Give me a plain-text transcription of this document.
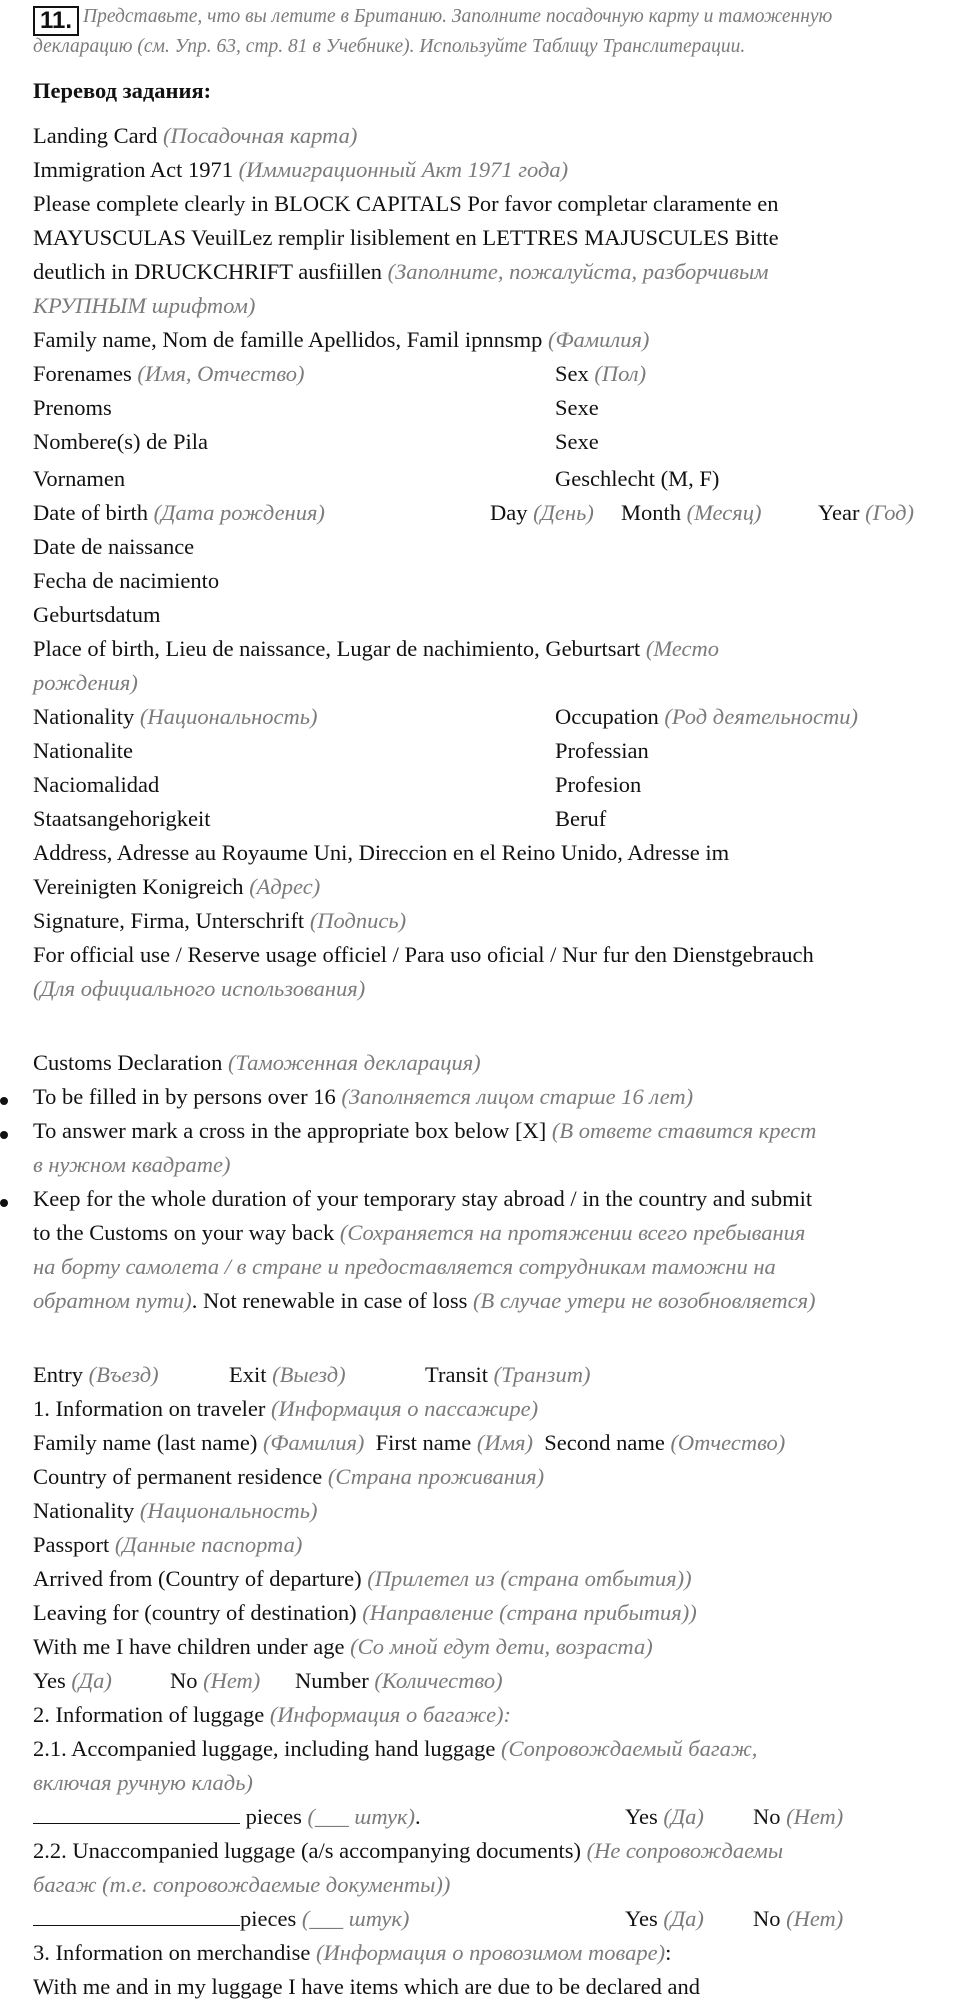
11. Представьте, что вы летите в Британию. Заполните посадочную карту и таможенную
декларацию (см. Упр. 63, стр. 81 в Учебнике). Используйте Таблицу Транслитерации.
Перевод задания:
Landing Card (Посадочная карта)
Immigration Act 1971 (Иммиграционный Акт 1971 года)
Please complete clearly in BLOCK CAPITALS Por favor completar claramente en
MAYUSCULAS VeuilLez remplir lisiblement en LETTRES MAJUSCULES Bitte
deutlich in DRUCKCHRIFT ausfiillen (Заполните, пожалуйста, разборчивым
КРУПНЫМ шрифтом)
Family name, Nom de famille Apellidos, Famil ipnnsmp (Фамилия)
Forenames (Имя, Отчество)	Sex (Пол)
Prenoms	Sexe
Nombere(s) de Pila	Sexe
Vornamen	Geschlecht (M, F)
Date of birth (Дата рождения)	Day (День) Month (Месяц)	Year (Год)
Date de naissance
Fecha de nacimiento
Geburtsdatum
Place of birth, Lieu de naissance, Lugar de nachimiento, Geburtsart (Место
рождения)
Nationality (Национальность)	Occupation (Род деятельности)
Nationalite	Professian
Naciomalidad	Profesion
Staatsangehorigkeit	Beruf
Address, Adresse au Royaume Uni, Direccion en el Reino Unido, Adresse im
Vereinigten Konigreich (Адрес)
Signature, Firma, Unterschrift (Подпись)
For official use / Reserve usage officiel / Para uso oficial / Nur fur den Dienstgebrauch
(Для официального использования)
Customs Declaration (Таможенная декларация)
To be filled in by persons over 16 (Заполняется лицом старше 16 лет)
To answer mark a cross in the appropriate box below [X] (В ответе ставится крест
в нужном квадрате)
Keep for the whole duration of your temporary stay abroad / in the country and submit
to the Customs on your way back (Сохраняется на протяжении всего пребывания
на борту самолета / в стране и предоставляется сотрудникам таможни на
обратном пути). Not renewable in case of loss (В случае утери не возобновляется)
Entry (Въезд)	Exit (Выезд)	Transit (Транзит)
1. Information on traveler (Информация о пассажире)
Family name (last name) (Фамилия) First name (Имя) Second name (Отчество)
Country of permanent residence (Страна проживания)
Nationality (Национальность)
Passport (Данные паспорта)
Arrived from (Country of departure) (Прилетел из (страна отбытия))
Leaving for (country of destination) (Направление (страна прибытия))
With me I have children under age (Со мной едут дети, возраста)
Yes (Да)	No (Нет) Number (Количество)
2. Information of luggage (Информация о багаже):
2.1. Accompanied luggage, including hand luggage (Сопровождаемый багаж,
включая ручную кладь)
pieces (___ штук).	Yes (Да) No (Нет)
2.2. Unaccompanied luggage (a/s accompanying documents) (Не сопровождаемы
багаж (т.е. сопровождаемые документы))
pieces (___ штук)	Yes (Да) No (Нет)
3. Information on merchandise (Информация о провозимом товаре):
With me and in my luggage I have items which are due to be declared and
